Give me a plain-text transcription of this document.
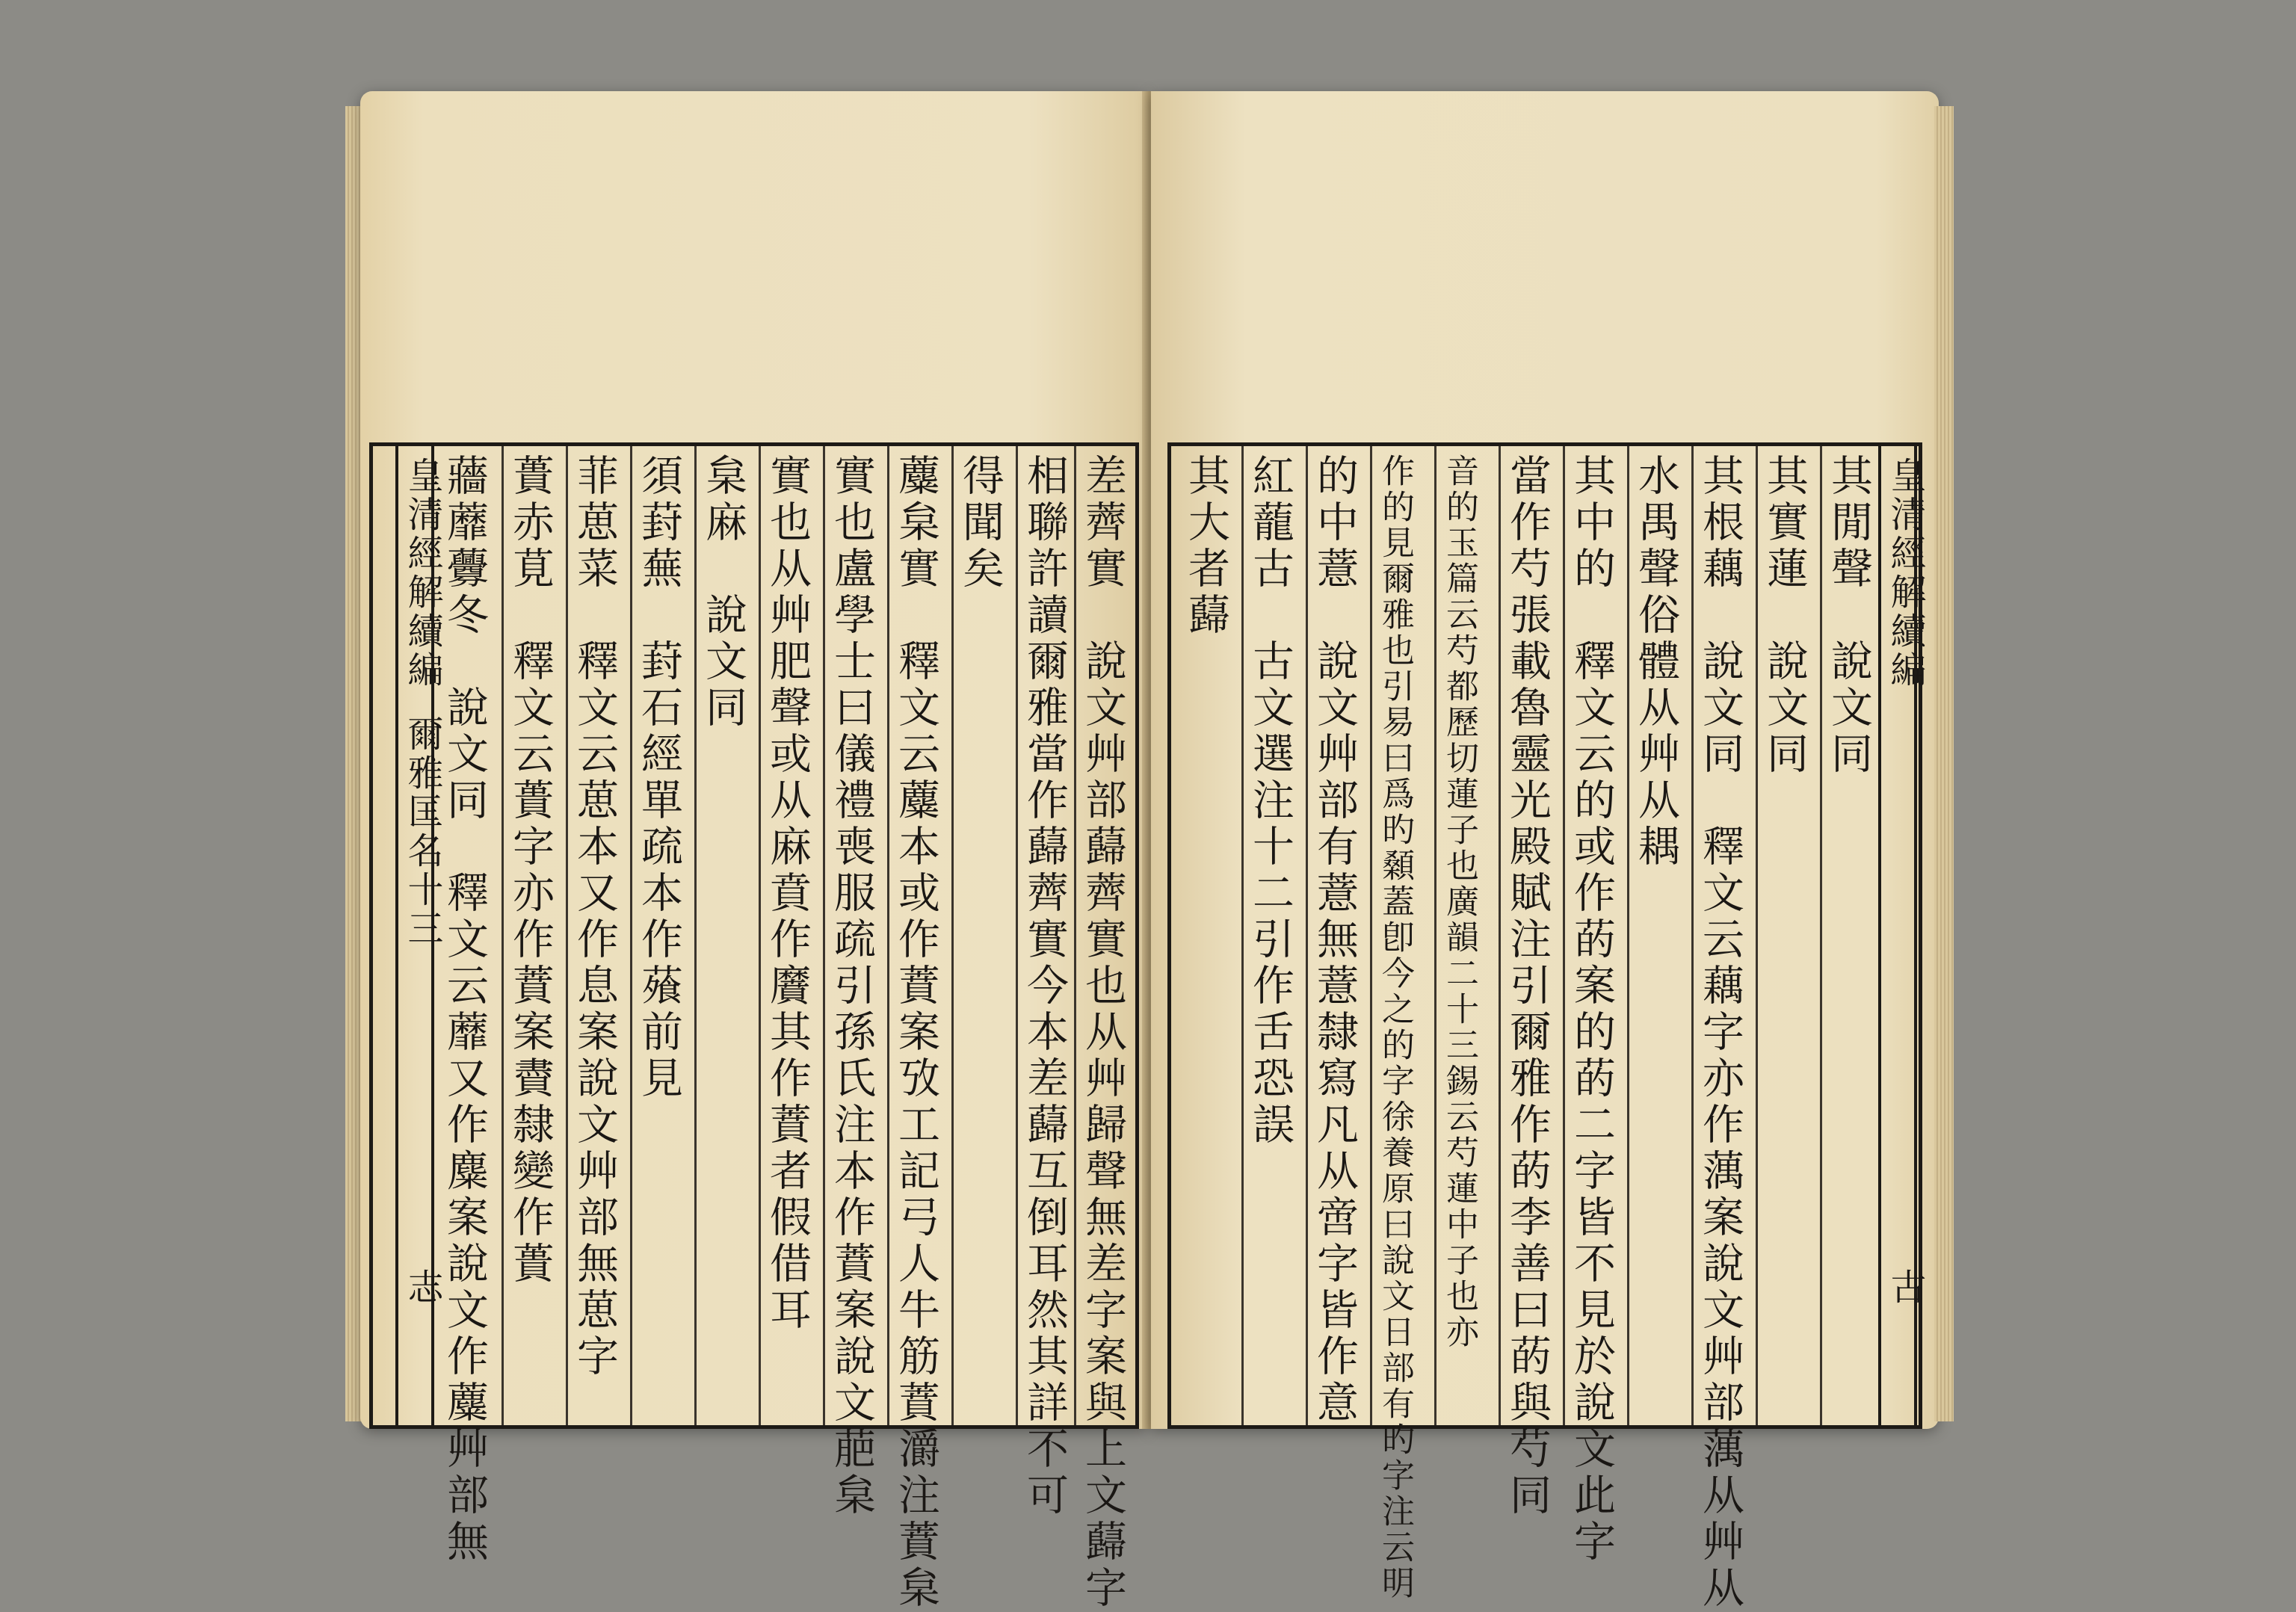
皇清經解續編
爾雅匡名十三
志
蘠蘼虋冬　說文同　釋文云蘼又作麋案說文作蘪艸部無 蕢赤莧　釋文云蕢字亦作蕡案賮隸變作蕢 菲葸菜　釋文云葸本又作息案說文艸部無葸字 須葑蕪　葑石經單疏本作蕵前見 枲麻　說文同 實也从艸肥聲或从麻賁作黂其作蕡者假借耳 實也盧學士曰儀禮喪服疏引孫氏注本作蕡案說文萉枲 蘪枲實　釋文云蘪本或作蕡案攷工記弓人牛筋蕡灂注蕡枲 得聞矣 相聯許讀爾雅當作蘬薺實今本差蘬互倒耳然其詳不可 差薺實　說文艸部蘬薺實也从艸歸聲無差字案與上文蘬字 其大者蘬 紅蘢古　古文選注十二引作舌恐誤 的中薏　說文艸部有薏無薏隸寫凡从啻字皆作意 作的見爾雅也引易曰爲旳顙蓋卽今之的字徐養原曰說文日部有旳字注云明 音的玉篇云芍都歷切蓮子也廣韻二十三錫云芍蓮中子也亦 當作芍張載魯靈光殿賦注引爾雅作菂李善曰菂與芍同 其中的　釋文云的或作菂案的菂二字皆不見於說文此字 水禺聲俗體从艸从耦 其根藕　說文同　釋文云藕字亦作蕅案說文艸部蕅从艸从 其實蓮　說文同 其閒聲　說文同 皇清經解續編
古
